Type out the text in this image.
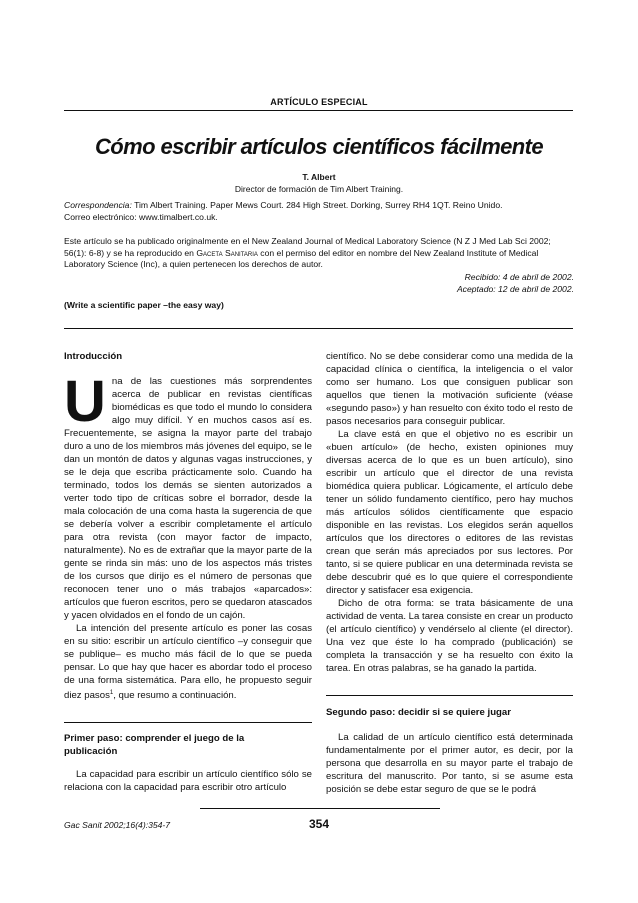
ARTÍCULO ESPECIAL
Cómo escribir artículos científicos fácilmente
T. Albert
Director de formación de Tim Albert Training.
Correspondencia: Tim Albert Training. Paper Mews Court. 284 High Street. Dorking, Surrey RH4 1QT. Reino Unido.
Correo electrónico: www.timalbert.co.uk.
Este artículo se ha publicado originalmente en el New Zealand Journal of Medical Laboratory Science (N Z J Med Lab Sci 2002; 56(1): 6-8) y se ha reproducido en Gaceta Sanitaria con el permiso del editor en nombre del New Zealand Institute of Medical Laboratory Science (Inc), a quien pertenecen los derechos de autor.
Recibido: 4 de abril de 2002.
Aceptado: 12 de abril de 2002.
(Write a scientific paper –the easy way)
Introducción

Una de las cuestiones más sorprendentes acerca de publicar en revistas científicas biomédicas es que todo el mundo lo considera algo muy difícil. Y en muchos casos así es. Frecuentemente, se asigna la mayor parte del trabajo duro a uno de los miembros más jóvenes del equipo, se le dan un montón de datos y algunas vagas instrucciones, y se le deja que escriba prácticamente solo. Cuando ha terminado, todos los demás se sienten autorizados a verter todo tipo de críticas sobre el borrador, desde la mala colocación de una coma hasta la sugerencia de que se debería volver a escribir completamente el artículo para otra revista (con mayor factor de impacto, naturalmente). No es de extrañar que la mayor parte de la gente se rinda sin más: uno de los aspectos más tristes de los cursos que dirijo es el número de personas que reconocen tener uno o más trabajos «aparcados»: artículos que fueron escritos, pero se quedaron atascados y yacen olvidados en el fondo de un cajón.

La intención del presente artículo es poner las cosas en su sitio: escribir un artículo científico –y conseguir que se publique– es mucho más fácil de lo que se pueda pensar. Lo que hay que hacer es abordar todo el proceso de una forma sistemática. Para ello, he propuesto seguir diez pasos$^1$, que resumo a continuación.

Primer paso: comprender el juego de la publicación

La capacidad para escribir un artículo científico sólo se relaciona con la capacidad para escribir otro artículo

científico. No se debe considerar como una medida de la capacidad clínica o científica, la inteligencia o el valor como ser humano. Los que consiguen publicar son aquellos que tienen la motivación suficiente (véase «segundo paso») y han resuelto con éxito todo el resto de pasos necesarios para conseguir publicar.

La clave está en que el objetivo no es escribir un «buen artículo» (de hecho, existen opiniones muy diversas acerca de lo que es un buen artículo), sino escribir un artículo que el director de una revista biomédica quiera publicar. Lógicamente, el artículo debe tener un sólido fundamento científico, pero hay muchos más artículos sólidos científicamente que espacio disponible en las revistas. Los elegidos serán aquellos artículos que los directores o editores de las revistas crean que serán más apreciados por sus lectores. Por tanto, si se quiere publicar en una determinada revista se debe descubrir qué es lo que quiere el correspondiente director y satisfacer esa exigencia.

Dicho de otra forma: se trata básicamente de una actividad de venta. La tarea consiste en crear un producto (el artículo científico) y vendérselo al cliente (el director). Una vez que éste lo ha comprado (publicación) se completa la transacción y se ha resuelto con éxito la tarea. En otras palabras, se ha ganado la partida.

Segundo paso: decidir si se quiere jugar

La calidad de un artículo científico está determinada fundamentalmente por el primer autor, es decir, por la persona que desarrolla en su mayor parte el trabajo de escritura del manuscrito. Por tanto, si se asume esta posición se debe estar seguro de que se le podrá

Gac Sanit 2002;16(4):354-7	354
